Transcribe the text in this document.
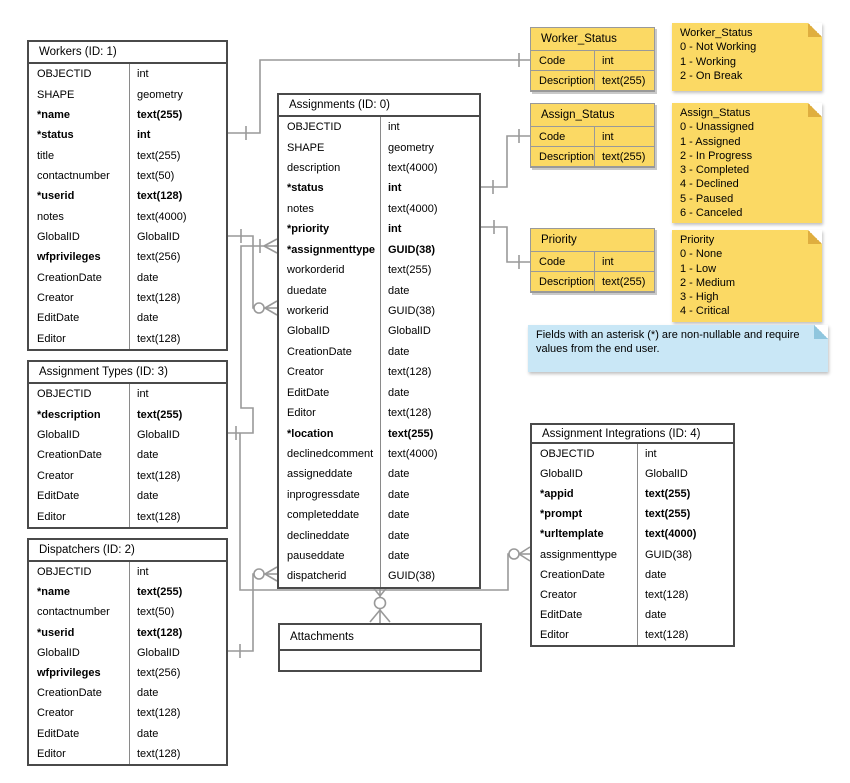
Workers (ID: 1)
OBJECTID	int
SHAPE	geometry
*name	text(255)
*status	int
title	text(255)
contactnumber	text(50)
*userid	text(128)
notes	text(4000)
GlobalID	GlobalID
wfprivileges	text(256)
CreationDate	date
Creator	text(128)
EditDate	date
Editor	text(128)
Assignment Types (ID: 3)
OBJECTID	int
*description	text(255)
GlobalID	GlobalID
CreationDate	date
Creator	text(128)
EditDate	date
Editor	text(128)
Dispatchers (ID: 2)
OBJECTID	int
*name	text(255)
contactnumber	text(50)
*userid	text(128)
GlobalID	GlobalID
wfprivileges	text(256)
CreationDate	date
Creator	text(128)
EditDate	date
Editor	text(128)
Assignments (ID: 0)
OBJECTID	int
SHAPE	geometry
description	text(4000)
*status	int
notes	text(4000)
*priority	int
*assignmenttype	GUID(38)
workorderid	text(255)
duedate	date
workerid	GUID(38)
GlobalID	GlobalID
CreationDate	date
Creator	text(128)
EditDate	date
Editor	text(128)
*location	text(255)
declinedcomment	text(4000)
assigneddate	date
inprogressdate	date
completeddate	date
declineddate	date
pauseddate	date
dispatcherid	GUID(38)
Attachments
Assignment Integrations (ID: 4)
OBJECTID	int
GlobalID	GlobalID
*appid	text(255)
*prompt	text(255)
*urltemplate	text(4000)
assignmenttype	GUID(38)
CreationDate	date
Creator	text(128)
EditDate	date
Editor	text(128)
Worker_Status
Code	int
Description text(255)
Assign_Status
Code	int
Description text(255)
Priority
Code	int
Description text(255)
Worker_Status
0 - Not Working
1 - Working
2 - On Break
Assign_Status
0 - Unassigned
1 - Assigned
2 - In Progress
3 - Completed
4 - Declined
5 - Paused
6 - Canceled
Priority
0 - None
1 - Low
2 - Medium
3 - High
4 - Critical
Fields with an asterisk (*) are non-nullable and require values from the end user.
